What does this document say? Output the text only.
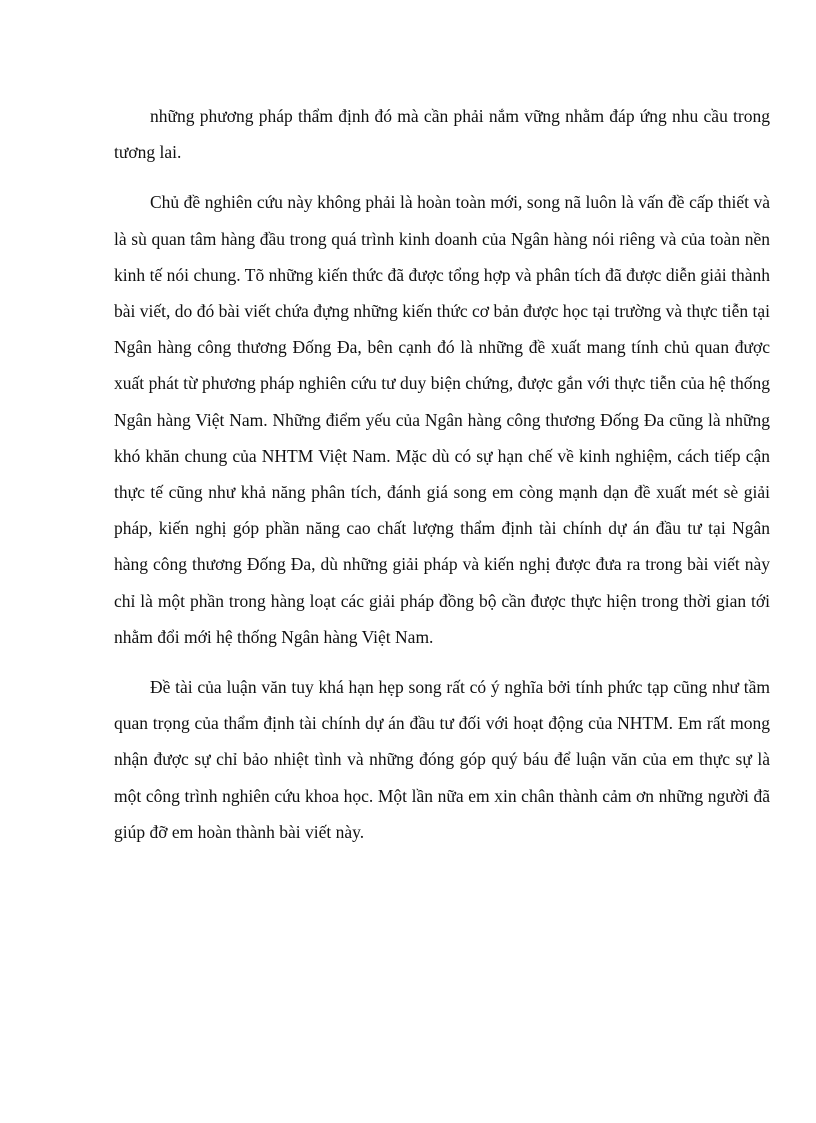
những phương pháp thẩm định đó mà cần phải nắm vững nhằm đáp ứng nhu cầu trong tương lai.

Chủ đề nghiên cứu này không phải là hoàn toàn mới, song nã luôn là vấn đề cấp thiết và là sù quan tâm hàng đầu trong quá trình kinh doanh của Ngân hàng nói riêng và của toàn nền kinh tế nói chung. Tõ những kiến thức đã được tổng hợp và phân tích đã được diễn giải thành bài viết, do đó bài viết chứa đựng những kiến thức cơ bản được học tại trường và thực tiễn tại Ngân hàng công thương Đống Đa, bên cạnh đó là những đề xuất mang tính chủ quan được xuất phát từ phương pháp nghiên cứu tư duy biện chứng, được gắn với thực tiễn của hệ thống Ngân hàng Việt Nam. Những điểm yếu của Ngân hàng công thương Đống Đa cũng là những khó khăn chung của NHTM Việt Nam. Mặc dù có sự hạn chế về kinh nghiệm, cách tiếp cận thực tế cũng như khả năng phân tích, đánh giá song em còng mạnh dạn đề xuất mét sè giải pháp, kiến nghị góp phần năng cao chất lượng thẩm định tài chính dự án đầu tư tại Ngân hàng công thương Đống Đa, dù những giải pháp và kiến nghị được đưa ra trong bài viết này chỉ là một phần trong hàng loạt các giải pháp đồng bộ cần được thực hiện trong thời gian tới nhằm đổi mới hệ thống Ngân hàng Việt Nam.

Đề tài của luận văn tuy khá hạn hẹp song rất có ý nghĩa bởi tính phức tạp cũng như tầm quan trọng của thẩm định tài chính dự án đầu tư đối với hoạt động của NHTM. Em rất mong nhận được sự chỉ bảo nhiệt tình và những đóng góp quý báu để luận văn của em thực sự là một công trình nghiên cứu khoa học. Một lần nữa em xin chân thành cảm ơn những người đã giúp đỡ em hoàn thành bài viết này.
